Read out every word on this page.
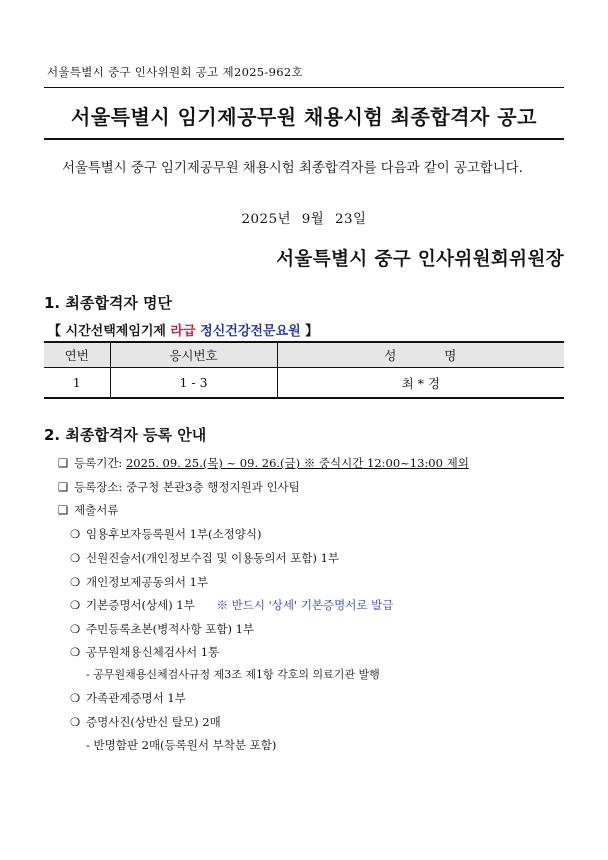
서울특별시 중구 인사위원회 공고 제2025-962호
서울특별시 임기제공무원 채용시험 최종합격자 공고
서울특별시 중구 임기제공무원 채용시험 최종합격자를 다음과 같이 공고합니다.
2025년 9월 23일
서울특별시 중구 인사위원회위원장
1. 최종합격자 명단
【 시간선택제임기제 라급 정신건강전문요원 】
연번	응시번호	성 명
1	1 - 3	최 * 경
2. 최종합격자 등록 안내
❑ 등록기간: 2025. 09. 25.(목) ~ 09. 26.(금) ※ 중식시간 12:00~13:00 제외
❑ 등록장소: 중구청 본관3층 행정지원과 인사팀
❑ 제출서류
❍ 임용후보자등록원서 1부(소정양식)
❍ 신원진술서(개인정보수집 및 이용동의서 포함) 1부
❍ 개인정보제공동의서 1부
❍ 기본증명서(상세) 1부 ※ 반드시 '상세' 기본증명서로 발급
❍ 주민등록초본(병적사항 포함) 1부
❍ 공무원채용신체검사서 1통
- 공무원채용신체검사규정 제3조 제1항 각호의 의료기관 발행
❍ 가족관계증명서 1부
❍ 증명사진(상반신 탈모) 2매
- 반명함판 2매(등록원서 부착분 포함)
